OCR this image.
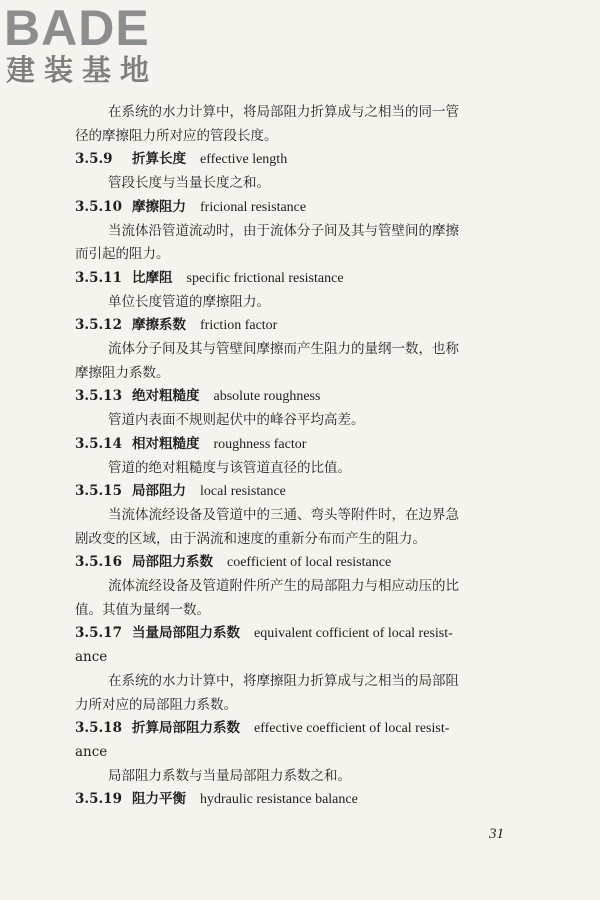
BADE
建装基地
在系统的水力计算中，将局部阻力折算成与之相当的同一管
径的摩擦阻力所对应的管段长度。
3.5.9 折算长度 effective length
管段长度与当量长度之和。
3.5.10 摩擦阻力 fricional resistance
当流体沿管道流动时，由于流体分子间及其与管壁间的摩擦
而引起的阻力。
3.5.11 比摩阻 specific frictional resistance
单位长度管道的摩擦阻力。
3.5.12 摩擦系数 friction factor
流体分子间及其与管壁间摩擦而产生阻力的量纲一数，也称
摩擦阻力系数。
3.5.13 绝对粗糙度 absolute roughness
管道内表面不规则起伏中的峰谷平均高差。
3.5.14 相对粗糙度 roughness factor
管道的绝对粗糙度与该管道直径的比值。
3.5.15 局部阻力 local resistance
当流体流经设备及管道中的三通、弯头等附件时，在边界急
剧改变的区域，由于涡流和速度的重新分布而产生的阻力。
3.5.16 局部阻力系数 coefficient of local resistance
流体流经设备及管道附件所产生的局部阻力与相应动压的比
值。其值为量纲一数。
3.5.17 当量局部阻力系数 equivalent cofficient of local resist-
ance
在系统的水力计算中，将摩擦阻力折算成与之相当的局部阻
力所对应的局部阻力系数。
3.5.18 折算局部阻力系数 effective coefficient of local resist-
ance
局部阻力系数与当量局部阻力系数之和。
3.5.19 阻力平衡 hydraulic resistance balance
31
